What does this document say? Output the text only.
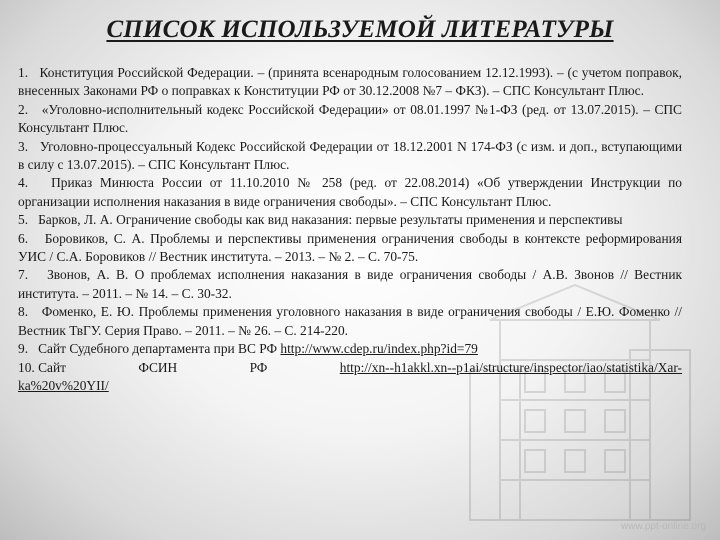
СПИСОК ИСПОЛЬЗУЕМОЙ ЛИТЕРАТУРЫ

1. Конституция Российской Федерации. – (принята всенародным голосованием 12.12.1993). – (с учетом поправок, внесенных Законами РФ о поправках к Конституции РФ от 30.12.2008 №7 – ФКЗ). – СПС Консультант Плюс.

2. «Уголовно-исполнительный кодекс Российской Федерации» от 08.01.1997 №1-ФЗ (ред. от 13.07.2015). – СПС Консультант Плюс.

3. Уголовно-процессуальный Кодекс Российской Федерации от 18.12.2001 N 174-ФЗ (с изм. и доп., вступающими в силу с 13.07.2015). – СПС Консультант Плюс.

4. Приказ Минюста России от 11.10.2010 № 258 (ред. от 22.08.2014) «Об утверждении Инструкции по организации исполнения наказания в виде ограничения свободы». – СПС Консультант Плюс.

5. Барков, Л. А. Ограничение свободы как вид наказания: первые результаты применения и перспективы

6. Боровиков, С. А. Проблемы и перспективы применения ограничения свободы в контексте реформирования УИС / С.А. Боровиков // Вестник института. – 2013. – № 2. – С. 70-75.

7. Звонов, А. В. О проблемах исполнения наказания в виде ограничения свободы / А.В. Звонов // Вестник института. – 2011. – № 14. – С. 30-32.

8. Фоменко, Е. Ю. Проблемы применения уголовного наказания в виде ограничения свободы / Е.Ю. Фоменко // Вестник ТвГУ. Серия Право. – 2011. – № 26. – С. 214-220.

9. Сайт Судебного департамента при ВС РФ http://www.cdep.ru/index.php?id=79

10. Сайт	ФСИН	РФ	http://xn--h1akkl.xn--p1ai/structure/inspector/iao/statistika/Xar-
ka%20v%20YII/

www.ppt-online.org
